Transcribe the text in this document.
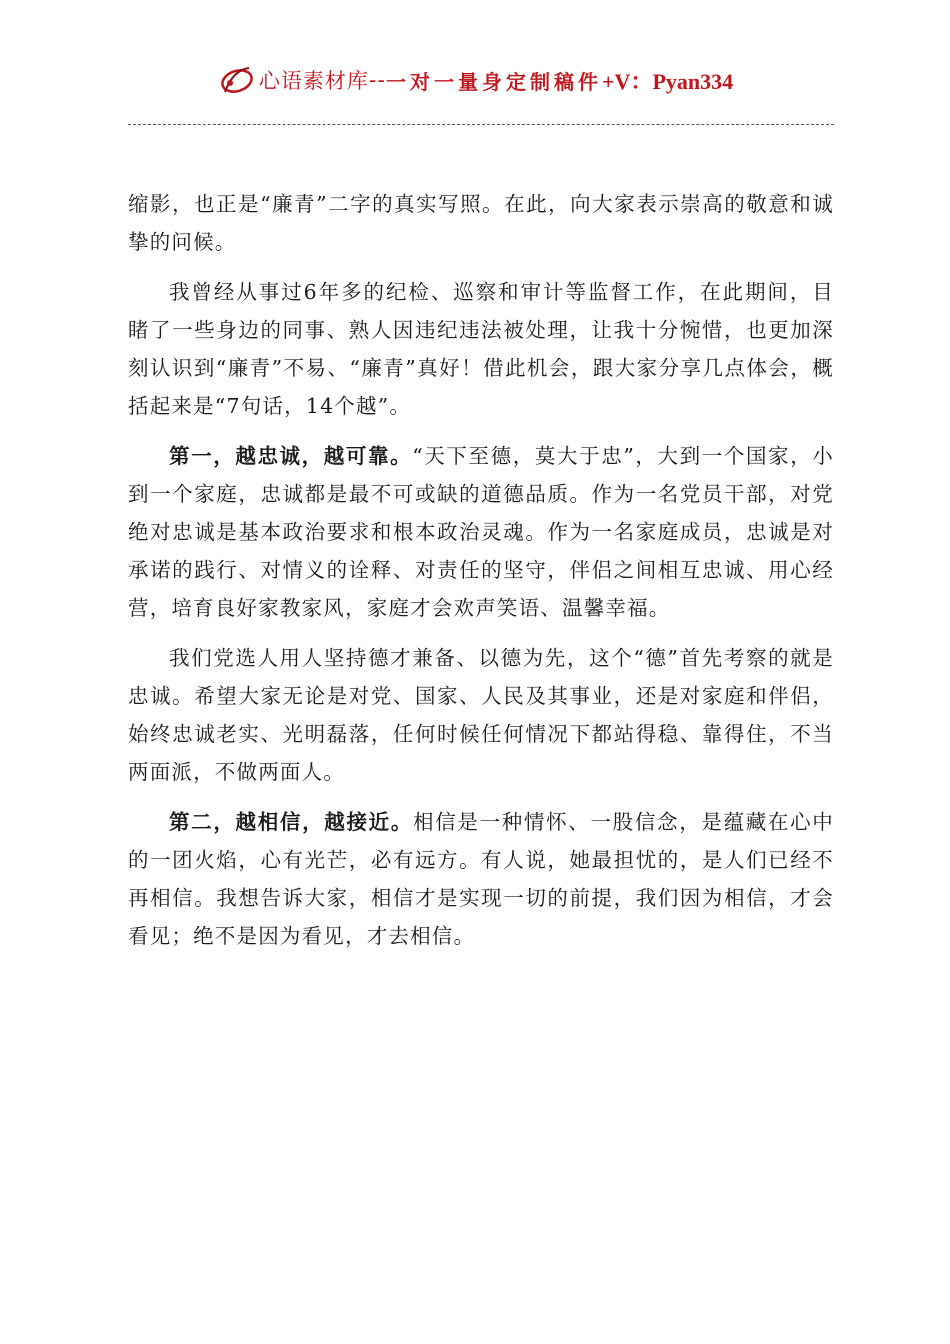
心语素材库 -- 一对一量身定制稿件 +V：Pyan334

缩影，也正是“廉青”二字的真实写照。在此，向大家表示崇高的敬意和诚挚的问候。

我曾经从事过6年多的纪检、巡察和审计等监督工作，在此期间，目睹了一些身边的同事、熟人因违纪违法被处理，让我十分惋惜，也更加深刻认识到“廉青”不易、“廉青”真好！借此机会，跟大家分享几点体会，概括起来是“7句话，14个越”。

第一，越忠诚，越可靠。“天下至德，莫大于忠”，大到一个国家，小到一个家庭，忠诚都是最不可或缺的道德品质。作为一名党员干部，对党绝对忠诚是基本政治要求和根本政治灵魂。作为一名家庭成员，忠诚是对承诺的践行、对情义的诠释、对责任的坚守，伴侣之间相互忠诚、用心经营，培育良好家教家风，家庭才会欢声笑语、温馨幸福。

我们党选人用人坚持德才兼备、以德为先，这个“德”首先考察的就是忠诚。希望大家无论是对党、国家、人民及其事业，还是对家庭和伴侣，始终忠诚老实、光明磊落，任何时候任何情况下都站得稳、靠得住，不当两面派，不做两面人。

第二，越相信，越接近。相信是一种情怀、一股信念，是蕴藏在心中的一团火焰，心有光芒，必有远方。有人说，她最担忧的，是人们已经不再相信。我想告诉大家，相信才是实现一切的前提，我们因为相信，才会看见；绝不是因为看见，才去相信。
